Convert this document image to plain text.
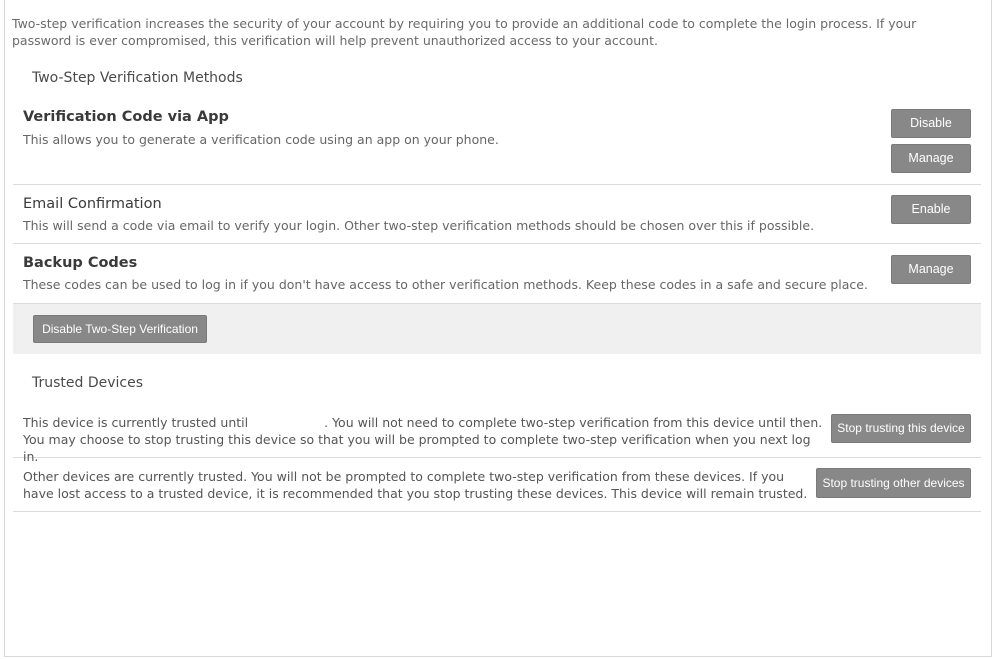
Two-step verification increases the security of your account by requiring you to provide an additional code to complete the login process. If your password is ever compromised, this verification will help prevent unauthorized access to your account.
Two-Step Verification Methods
Verification Code via App
This allows you to generate a verification code using an app on your phone.
Disable
Manage
Email Confirmation
This will send a code via email to verify your login. Other two-step verification methods should be chosen over this if possible.
Enable
Backup Codes
These codes can be used to log in if you don't have access to other verification methods. Keep these codes in a safe and secure place.
Manage
Disable Two-Step Verification
Trusted Devices
This device is currently trusted until	. You will not need to complete two-step verification from this device until then. You may choose to stop trusting this device so that you will be prompted to complete two-step verification when you next log in.
Stop trusting this device
Other devices are currently trusted. You will not be prompted to complete two-step verification from these devices. If you have lost access to a trusted device, it is recommended that you stop trusting these devices. This device will remain trusted.
Stop trusting other devices
